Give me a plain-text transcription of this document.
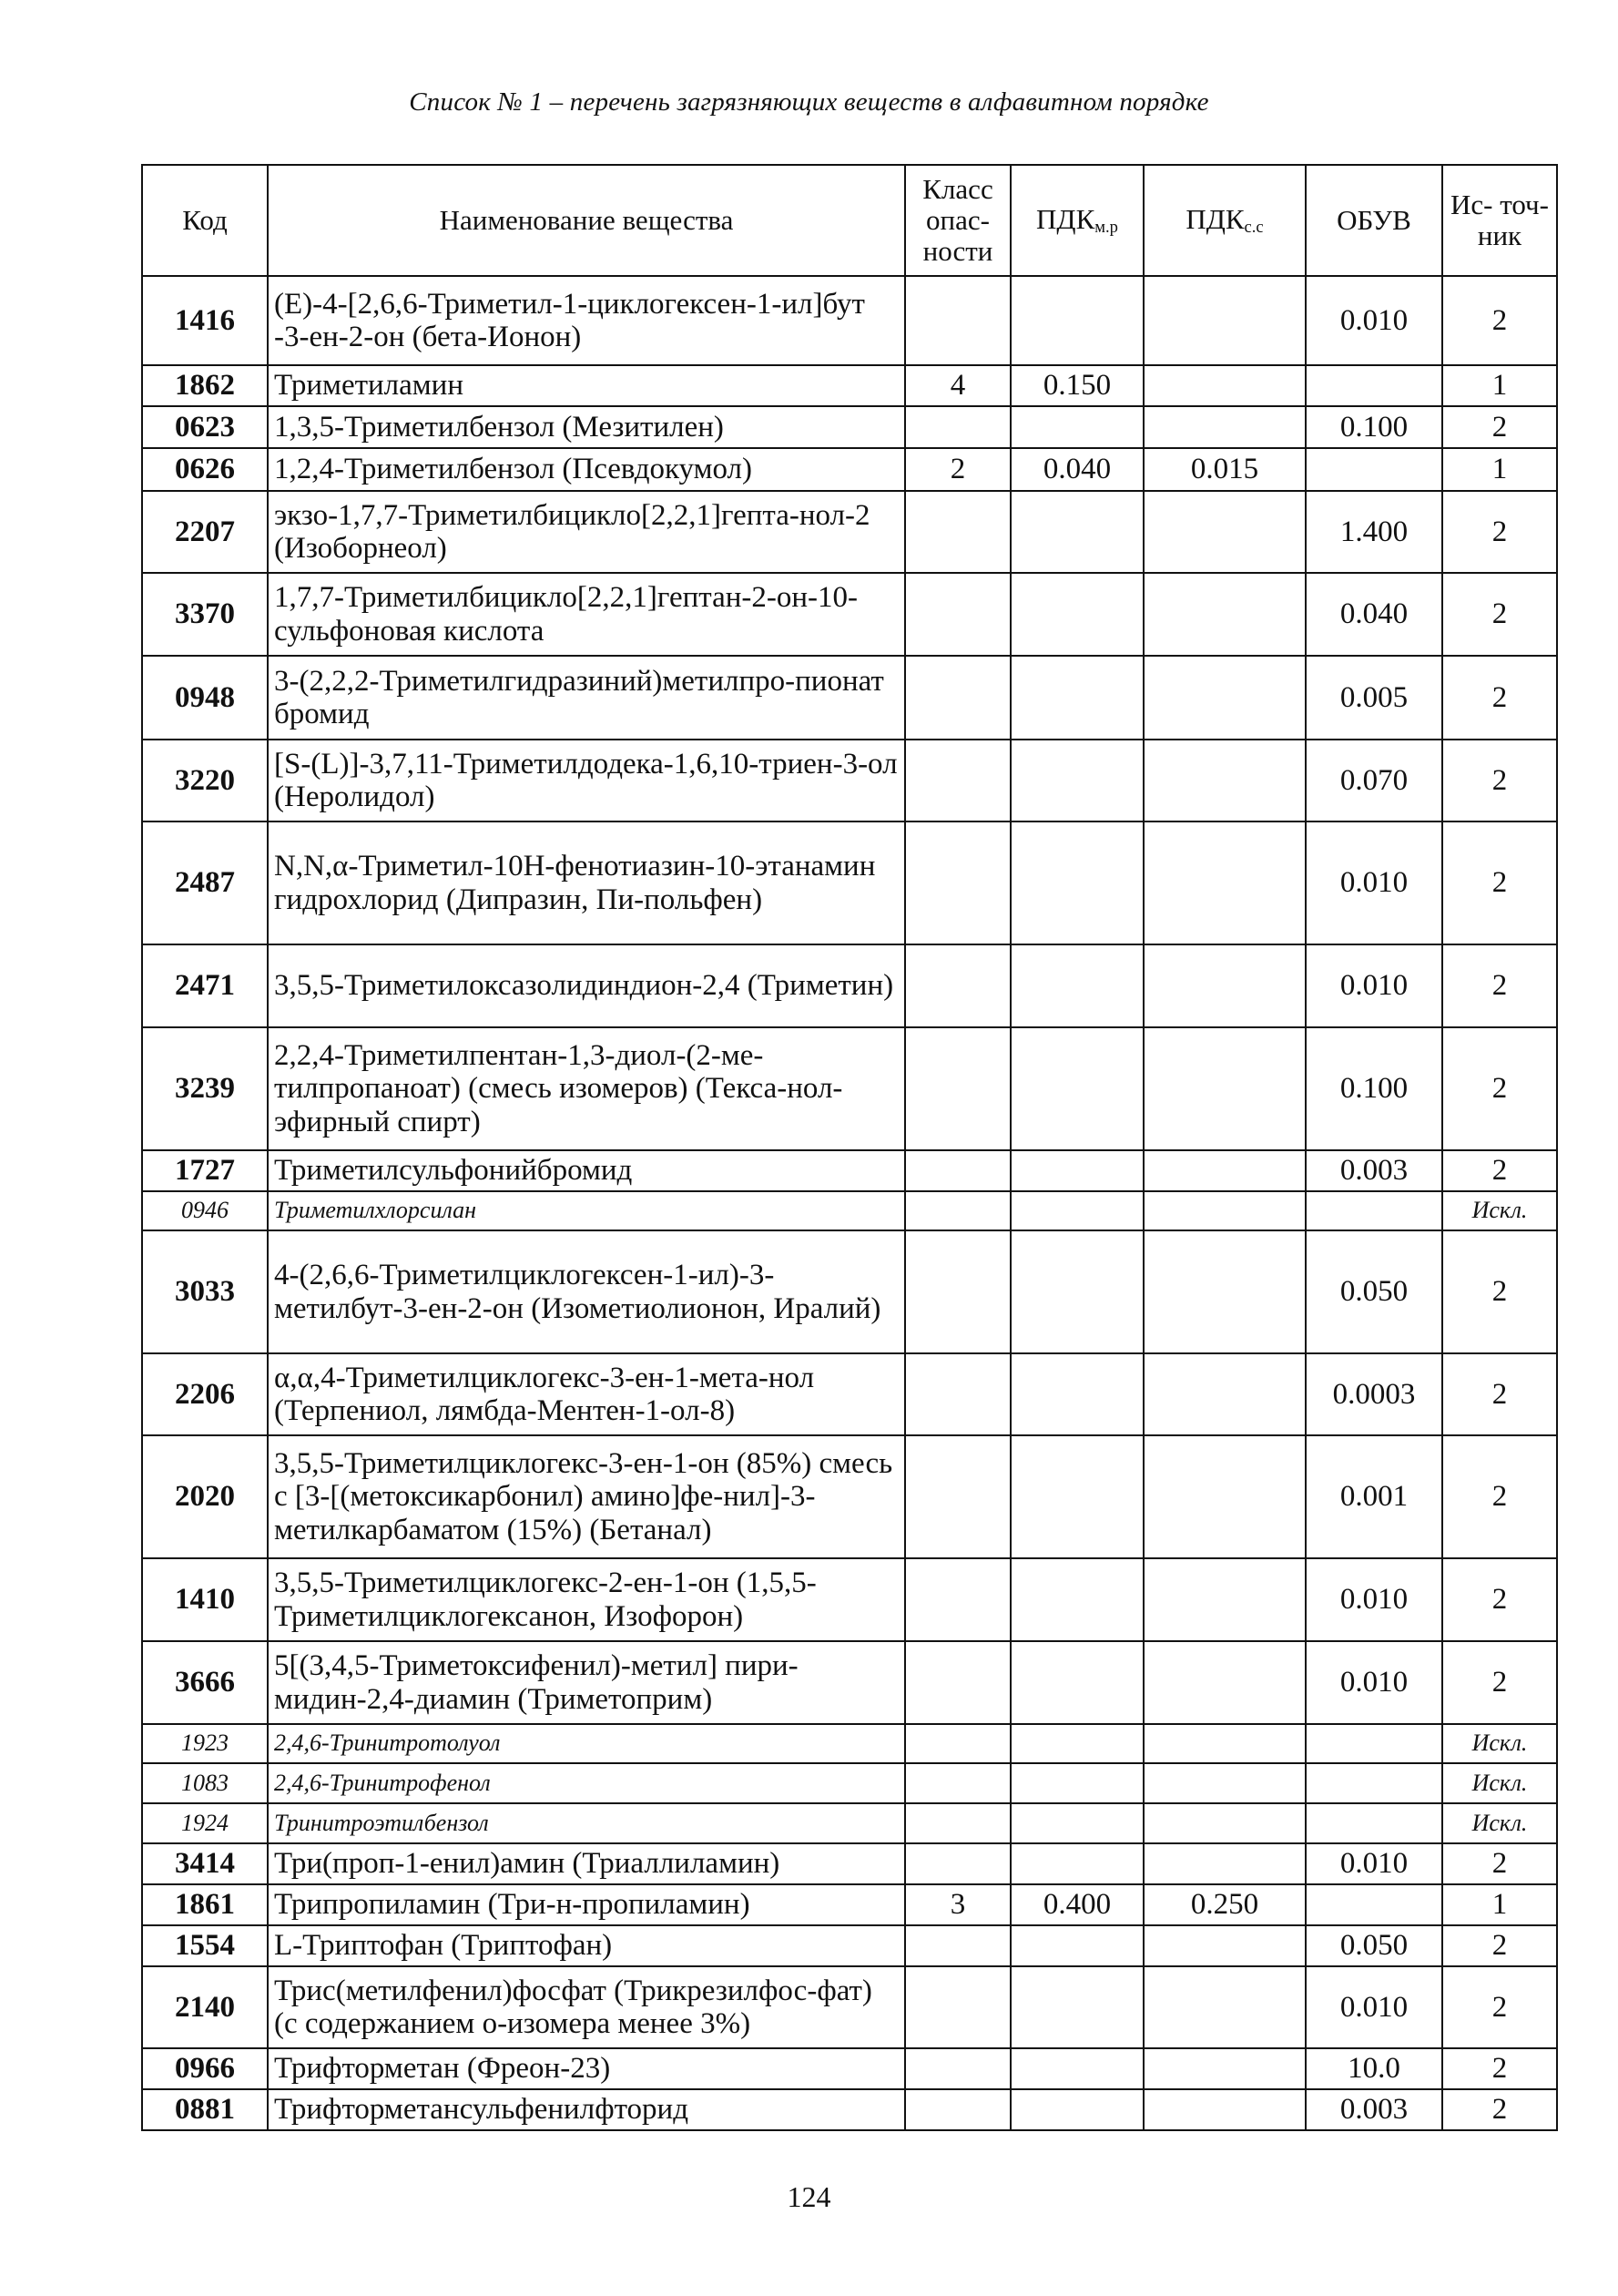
Список № 1 – перечень загрязняющих веществ в алфавитном порядке
Код	Наименование вещества	Класс опас- ности	$ПДК_{м.р}$	$ПДК_{с.с}$	ОБУВ	Ис- точ- ник
1416	(E)-4-[2,6,6-Триметил-1-циклогексен-1-ил]бут -3-ен-2-он (бета-Ионон)				0.010	2
1862	Триметиламин	4	0.150			1
0623	1,3,5-Триметилбензол (Мезитилен)				0.100	2
0626	1,2,4-Триметилбензол (Псевдокумол)	2	0.040	0.015		1
2207	экзо-1,7,7-Триметилбицикло[2,2,1]гепта-нол-2 (Изоборнеол)				1.400	2
3370	1,7,7-Триметилбицикло[2,2,1]гептан-2-он-10-сульфоновая кислота				0.040	2
0948	3-(2,2,2-Триметилгидразиний)метилпро-пионат бромид				0.005	2
3220	[S-(L)]-3,7,11-Триметилдодека-1,6,10-триен-3-ол (Неролидол)				0.070	2
2487	N,N,α-Триметил-10H-фенотиазин-10-этанамин гидрохлорид (Дипразин, Пи-польфен)				0.010	2
2471	3,5,5-Триметилоксазолидиндион-2,4 (Триметин)				0.010	2
3239	2,2,4-Триметилпентан-1,3-диол-(2-ме-тилпропаноат) (смесь изомеров) (Текса-нол-эфирный спирт)				0.100	2
1727	Триметилсульфонийбромид				0.003	2
0946	Триметилхлорсилан					Искл.
3033	4-(2,6,6-Триметилциклогексен-1-ил)-3-метилбут-3-ен-2-он (Изометиолионон, Иралий)				0.050	2
2206	α,α,4-Триметилциклогекс-3-ен-1-мета-нол (Терпениол, лямбда-Ментен-1-ол-8)				0.0003	2
2020	3,5,5-Триметилциклогекс-3-ен-1-он (85%) смесь с [3-[(метоксикарбонил) амино]фе-нил]-3-метилкарбаматом (15%) (Бетанал)				0.001	2
1410	3,5,5-Триметилциклогекс-2-ен-1-он (1,5,5-Триметилциклогексанон, Изофорон)				0.010	2
3666	5[(3,4,5-Триметоксифенил)-метил] пири-мидин-2,4-диамин (Триметоприм)				0.010	2
1923	2,4,6-Тринитротолуол					Искл.
1083	2,4,6-Тринитрофенол					Искл.
1924	Тринитроэтилбензол					Искл.
3414	Три(проп-1-енил)амин (Триаллиламин)				0.010	2
1861	Трипропиламин (Три-н-пропиламин)	3	0.400	0.250		1
1554	L-Триптофан (Триптофан)				0.050	2
2140	Трис(метилфенил)фосфат (Трикрезилфос-фат) (с содержанием о-изомера менее 3%)				0.010	2
0966	Трифторметан (Фреон-23)				10.0	2
0881	Трифторметансульфенилфторид				0.003	2
124
